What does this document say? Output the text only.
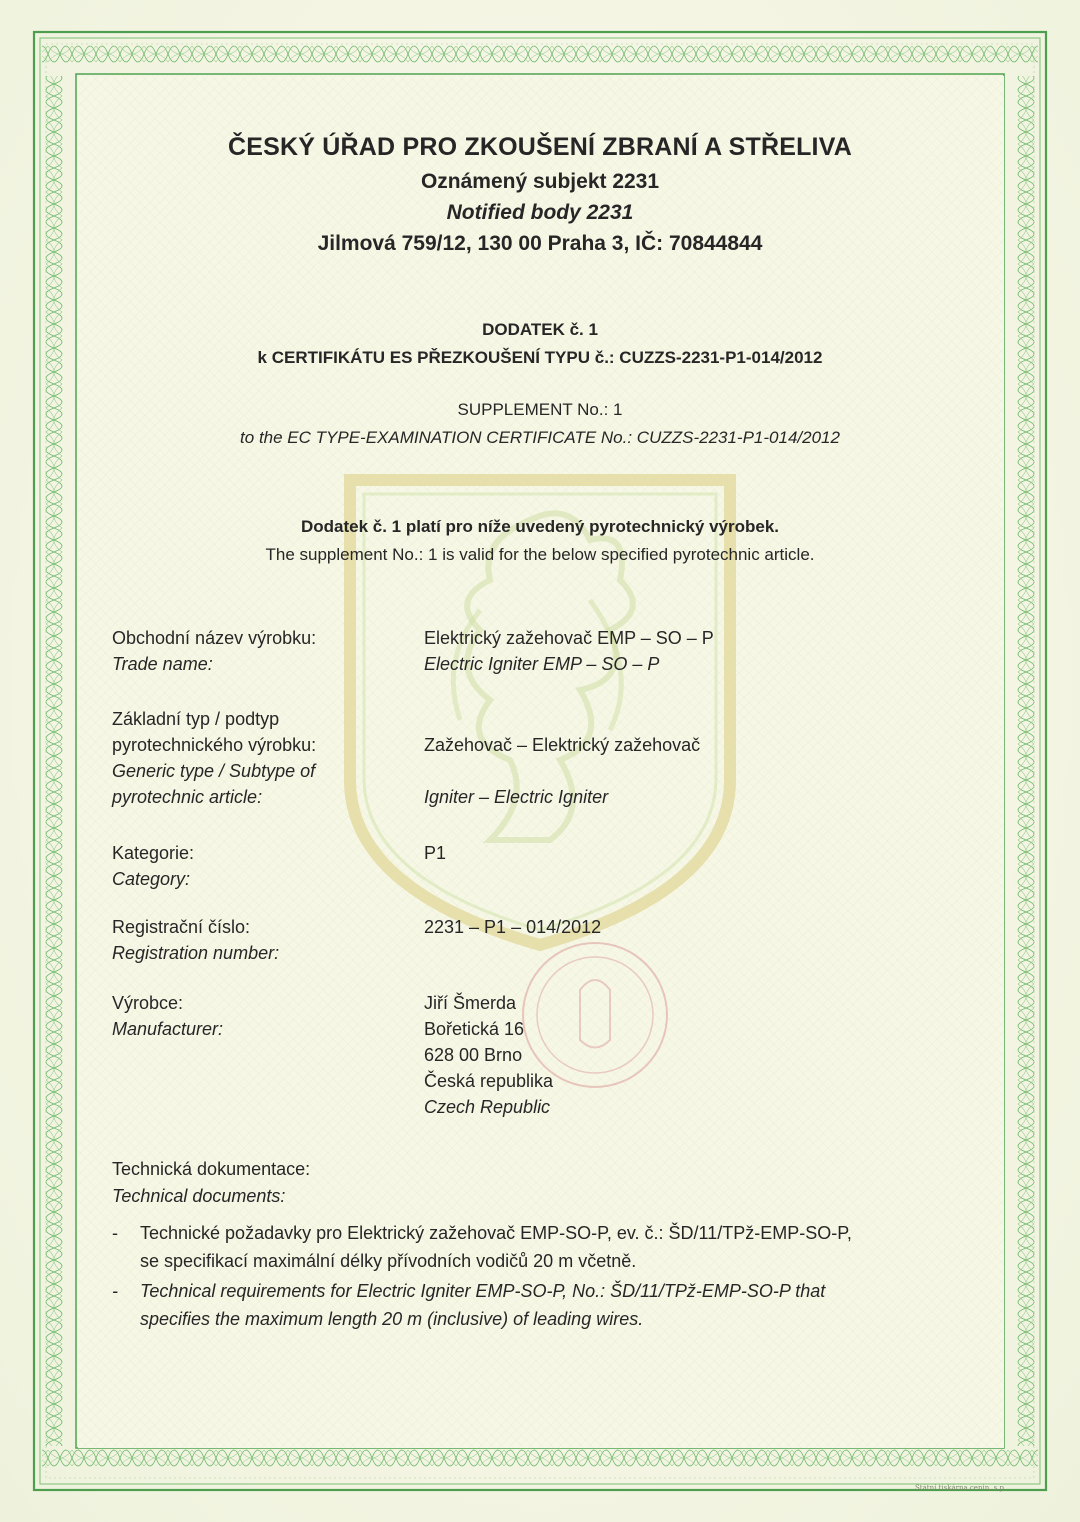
ČESKÝ ÚŘAD PRO ZKOUŠENÍ ZBRANÍ A STŘELIVA
Oznámený subjekt 2231
Notified body 2231
Jilmová 759/12, 130 00 Praha 3, IČ: 70844844
DODATEK č. 1
k CERTIFIKÁTU ES PŘEZKOUŠENÍ TYPU č.: CUZZS-2231-P1-014/2012
SUPPLEMENT No.: 1
to the EC TYPE-EXAMINATION CERTIFICATE No.: CUZZS-2231-P1-014/2012
Dodatek č. 1 platí pro níže uvedený pyrotechnický výrobek.
The supplement No.: 1 is valid for the below specified pyrotechnic article.
Obchodní název výrobku:
Trade name:
Elektrický zažehovač EMP – SO – P
Electric Igniter EMP – SO – P
Základní typ / podtyp
pyrotechnického výrobku:
Generic type / Subtype of
pyrotechnic article:
Zažehovač – Elektrický zažehovač
Igniter – Electric Igniter
Kategorie:
Category:
P1
Registrační číslo:
Registration number:
2231 – P1 – 014/2012
Výrobce:
Manufacturer:
Jiří Šmerda
Bořetická 16
628 00 Brno
Česká republika
Czech Republic
Technická dokumentace:
Technical documents:
- Technické požadavky pro Elektrický zažehovač EMP-SO-P, ev. č.: ŠD/11/TPž-EMP-SO-P,
se specifikací maximální délky přívodních vodičů 20 m včetně.
- Technical requirements for Electric Igniter EMP-SO-P, No.: ŠD/11/TPž-EMP-SO-P that
specifies the maximum length 20 m (inclusive) of leading wires.
Státní tiskárna cenin, s.p.
